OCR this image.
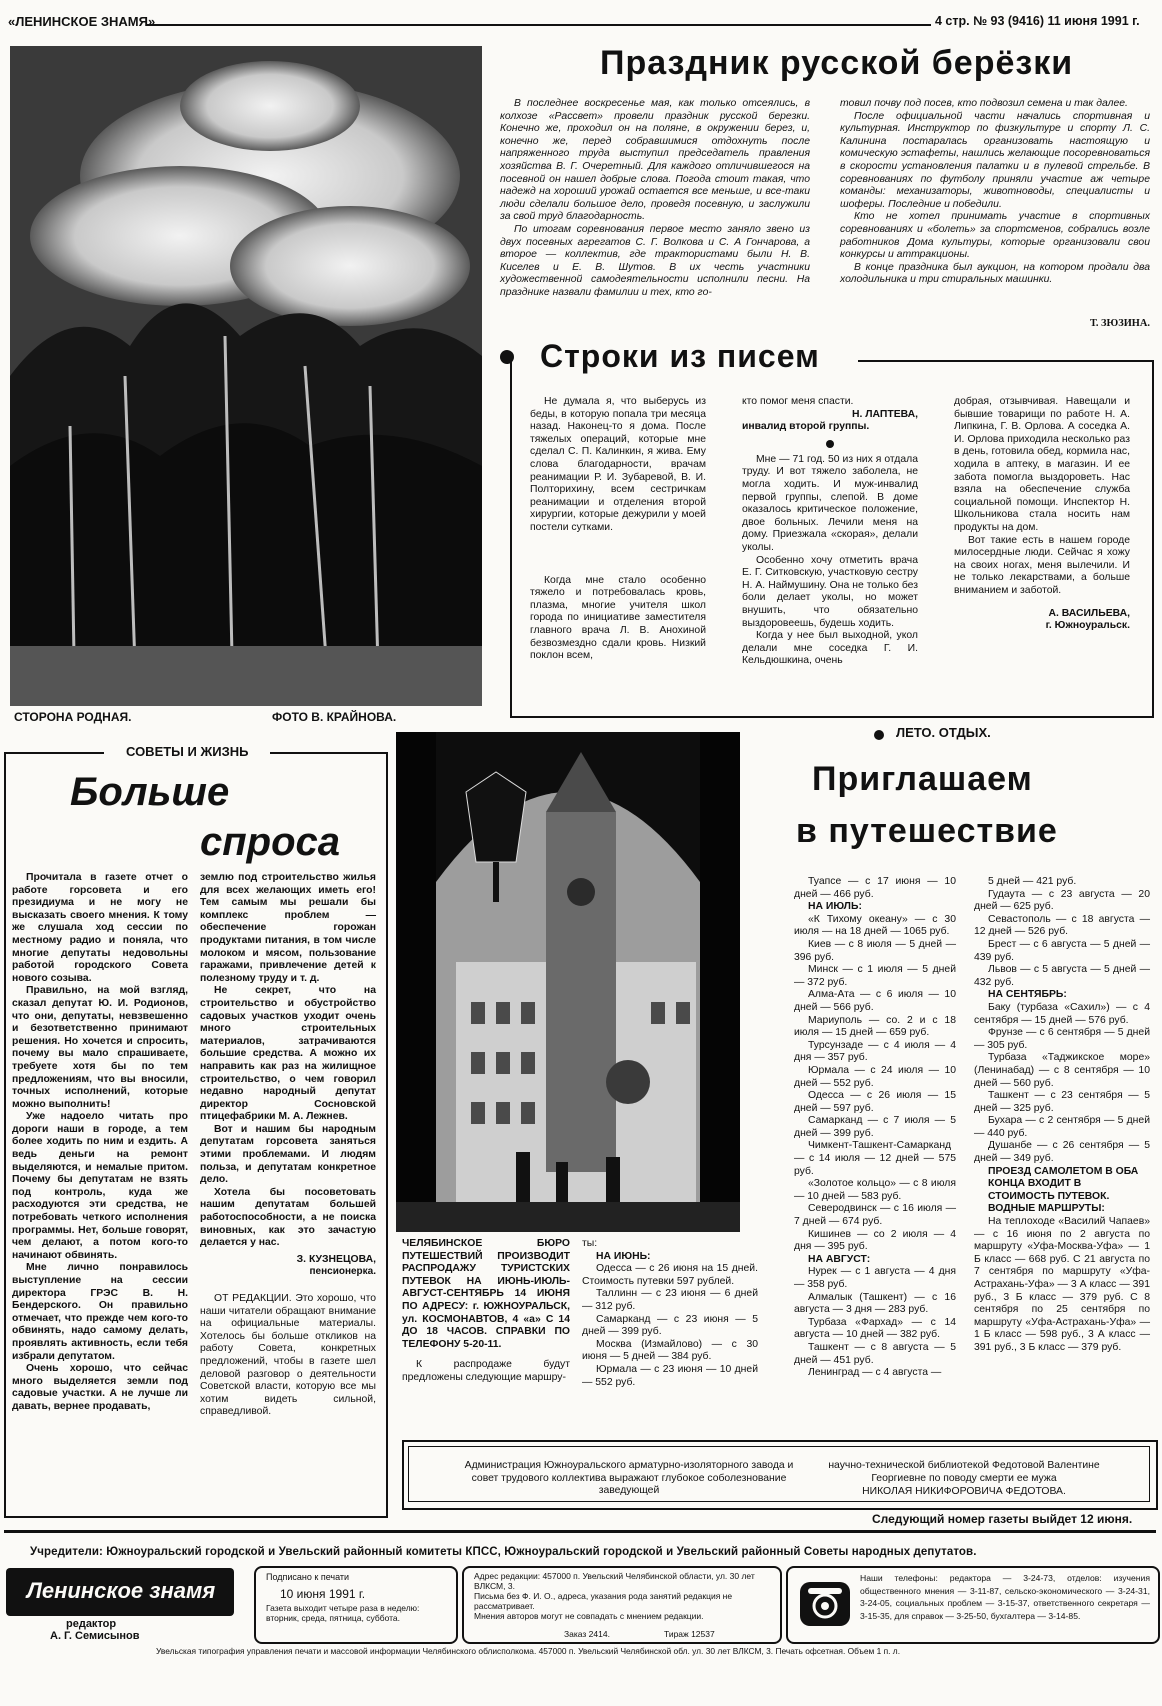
«ЛЕНИНСКОЕ ЗНАМЯ»	4 стр. № 93 (9416) 11 июня 1991 г.
СТОРОНА РОДНАЯ.	ФОТО В. КРАЙНОВА.
Праздник русской берёзки

В последнее воскресенье мая, как только отсеялись, в колхозе «Рассвет» провели праздник русской березки. Конечно же, проходил он на поляне, в окружении берез, и, конечно же, перед собравшимися отдохнуть после напряженного труда выступил председатель правления хозяйства В. Г. Очеретный. Для каждого отличившегося на посевной он нашел добрые слова. Погода стоит такая, что надежд на хороший урожай остается все меньше, и все-таки люди сделали большое дело, проведя посевную, и заслужили за свой труд благодарность.

По итогам соревнования первое место заняло звено из двух посевных агрегатов С. Г. Волкова и С. А Гончарова, а второе — коллектив, где трактористами были Н. В. Киселев и Е. В. Шутов. В их честь участники художественной самодеятельности исполнили песни. На празднике назвали фамилии и тех, кто го-

товил почву под посев, кто подвозил семена и так далее.

После официальной части начались спортивная и культурная. Инструктор по физкультуре и спорту Л. С. Калинина постаралась организовать настоящую и комическую эстафеты, нашлись желающие посоревноваться в скорости установления палатки и в пулевой стрельбе. В соревнованиях по футболу приняли участие аж четыре команды: механизаторы, животноводы, специалисты и шоферы. Последние и победили.

Кто не хотел принимать участие в спортивных соревнованиях и «болеть» за спортсменов, собрались возле работников Дома культуры, которые организовали свои конкурсы и аттракционы.

В конце праздника был аукцион, на котором продали два холодильника и три стиральных машинки.

Т. ЗЮЗИНА.
Строки из писем

Не думала я, что выберусь из беды, в которую попала три месяца назад. Наконец-то я дома. После тяжелых операций, которые мне сделал С. П. Калинкин, я жива. Ему слова благодарности, врачам реанимации Р. И. Зубаревой, В. И. Полторихину, всем сестричкам реанимации и отделения второй хирургии, которые дежурили у моей постели сутками.

Когда мне стало особенно тяжело и потребовалась кровь, плазма, многие учителя школ города по инициативе заместителя главного врача Л. В. Анохиной безвозмездно сдали кровь. Низкий поклон всем,

кто помог меня спасти.

Н. ЛАПТЕВА,
инвалид второй группы.

Мне — 71 год. 50 из них я отдала труду. И вот тяжело заболела, не могла ходить. И муж-инвалид первой группы, слепой. В доме оказалось критическое положение, двое больных. Лечили меня на дому. Приезжала «скорая», делали уколы.

Особенно хочу отметить врача Е. Г. Ситковскую, участковую сестру Н. А. Наймушину. Она не только без боли делает уколы, но может внушить, что обязательно выздоровеешь, будешь ходить.

Когда у нее был выходной, укол делали мне соседка Г. И. Кельдюшкина, очень

добрая, отзывчивая. Навещали и бывшие товарищи по работе Н. А. Липкина, Г. В. Орлова. А соседка А. И. Орлова приходила несколько раз в день, готовила обед, кормила нас, ходила в аптеку, в магазин. И ее забота помогла выздороветь. Нас взяла на обеспечение служба социальной помощи. Инспектор Н. Школьникова стала носить нам продукты на дом.

Вот такие есть в нашем городе милосердные люди. Сейчас я хожу на своих ногах, меня вылечили. И не только лекарствами, а больше вниманием и заботой.

А. ВАСИЛЬЕВА,
г. Южноуральск.
СОВЕТЫ И ЖИЗНЬ
Больше
спроса

Прочитала в газете отчет о работе горсовета и его президиума и не могу не высказать своего мнения. К тому же слушала ход сессии по местному радио и поняла, что многие депутаты недовольны работой городского Совета нового созыва.

Правильно, на мой взгляд, сказал депутат Ю. И. Родионов, что они, депутаты, невзвешенно и безответственно принимают решения. Но хочется и спросить, почему вы мало спрашиваете, требуете хотя бы по тем предложениям, что вы вносили, точных исполнений, которые можно выполнить!

Уже надоело читать про дороги наши в городе, а тем более ходить по ним и ездить. А ведь деньги на ремонт выделяются, и немалые притом. Почему бы депутатам не взять под контроль, куда же расходуются эти средства, не потребовать четкого исполнения программы. Нет, больше говорят, чем делают, а потом кого-то начинают обвинять.

Мне лично понравилось выступление на сессии директора ГРЭС В. Н. Бендерского. Он правильно отмечает, что прежде чем кого-то обвинять, надо самому делать, проявлять активность, если тебя избрали депутатом.

Очень хорошо, что сейчас много выделяется земли под садовые участки. А не лучше ли давать, вернее продавать,

землю под строительство жилья для всех желающих иметь его! Тем самым мы решали бы комплекс проблем — обеспечение горожан продуктами питания, в том числе молоком и мясом, пользование гаражами, привлечение детей к полезному труду и т. д.

Не секрет, что на строительство и обустройство садовых участков уходит очень много строительных материалов, затрачиваются большие средства. А можно их направить как раз на жилищное строительство, о чем говорил недавно народный депутат директор Сосновской птицефабрики М. А. Лежнев.

Вот и нашим бы народным депутатам горсовета заняться этими проблемами. И людям польза, и депутатам конкретное дело.

Хотела бы посоветовать нашим депутатам большей работоспособности, а не поиска виновных, как это зачастую делается у нас.

З. КУЗНЕЦОВА,
пенсионерка.

ОТ РЕДАКЦИИ. Это хорошо, что наши читатели обращают внимание на официальные материалы. Хотелось бы больше откликов на работу Совета, конкретных предложений, чтобы в газете шел деловой разговор о деятельности Советской власти, которую все мы хотим видеть сильной, справедливой.

ЛЕТО. ОТДЫХ.
Приглашаем
в путешествие

ЧЕЛЯБИНСКОЕ БЮРО ПУТЕШЕСТВИЙ ПРОИЗВОДИТ РАСПРОДАЖУ ТУРИСТСКИХ ПУТЕВОК НА ИЮНЬ-ИЮЛЬ-АВГУСТ-СЕНТЯБРЬ 14 ИЮНЯ ПО АДРЕСУ: г. ЮЖНОУРАЛЬСК, ул. КОСМОНАВТОВ, 4 «а» С 14 ДО 18 ЧАСОВ. СПРАВКИ ПО ТЕЛЕФОНУ 5-20-11.

К распродаже будут предложены следующие маршру-

ты:

НА ИЮНЬ:

Одесса — с 26 июня на 15 дней. Стоимость путевки 597 рублей.

Таллинн — с 23 июня — 6 дней — 312 руб.

Самарканд — с 23 июня — 5 дней — 399 руб.

Москва (Измайлово) — с 30 июня — 5 дней — 384 руб.

Юрмала — с 23 июня — 10 дней — 552 руб.

Туапсе — с 17 июня — 10 дней — 466 руб.

НА ИЮЛЬ:

«К Тихому океану» — с 30 июля — на 18 дней — 1065 руб.

Киев — с 8 июля — 5 дней — 396 руб.

Минск — с 1 июля — 5 дней — 372 руб.

Алма-Ата — с 6 июля — 10 дней — 566 руб.

Мариуполь — со. 2 и с 18 июля — 15 дней — 659 руб.

Турсунзаде — с 4 июля — 4 дня — 357 руб.

Юрмала — с 24 июля — 10 дней — 552 руб.

Одесса — с 26 июля — 15 дней — 597 руб.

Самарканд — с 7 июля — 5 дней — 399 руб.

Чимкент-Ташкент-Самарканд — с 14 июля — 12 дней — 575 руб.

«Золотое кольцо» — с 8 июля — 10 дней — 583 руб.

Северодвинск — с 16 июля — 7 дней — 674 руб.

Кишинев — со 2 июля — 4 дня — 395 руб.

НА АВГУСТ:

Нурек — с 1 августа — 4 дня — 358 руб.

Алмалык (Ташкент) — с 16 августа — 3 дня — 283 руб.

Турбаза «Фархад» — с 14 августа — 10 дней — 382 руб.

Ташкент — с 8 августа — 5 дней — 451 руб.

Ленинград — с 4 августа —

5 дней — 421 руб.

Гудаута — с 23 августа — 20 дней — 625 руб.

Севастополь — с 18 августа — 12 дней — 526 руб.

Брест — с 6 августа — 5 дней — 439 руб.

Львов — с 5 августа — 5 дней — 432 руб.

НА СЕНТЯБРЬ:

Баку (турбаза «Сахил») — с 4 сентября — 15 дней — 576 руб.

Фрунзе — с 6 сентября — 5 дней — 305 руб.

Турбаза «Таджикское море» (Ленинабад) — с 8 сентября — 10 дней — 560 руб.

Ташкент — с 23 сентября — 5 дней — 325 руб.

Бухара — с 2 сентября — 5 дней — 440 руб.

Душанбе — с 26 сентября — 5 дней — 349 руб.

ПРОЕЗД САМОЛЕТОМ В ОБА КОНЦА ВХОДИТ В СТОИМОСТЬ ПУТЕВОК.
ВОДНЫЕ МАРШРУТЫ:

На теплоходе «Василий Чапаев» — с 16 июня по 2 августа по маршруту «Уфа-Москва-Уфа» — 1 Б класс — 668 руб. С 21 августа по 7 сентября по маршруту «Уфа-Астрахань-Уфа» — 3 А класс — 391 руб., 3 Б класс — 379 руб. С 8 сентября по 25 сентября по маршруту «Уфа-Астрахань-Уфа» — 1 Б класс — 598 руб., 3 А класс — 391 руб., 3 Б класс — 379 руб.

Администрация Южноуральского арматурно-изоляторного завода и совет трудового коллектива выражают глубокое соболезнование заведующей
научно-технической библиотекой Федотовой Валентине Георгиевне по поводу смерти ее мужа
НИКОЛАЯ НИКИФОРОВИЧА ФЕДОТОВА.
Следующий номер газеты выйдет 12 июня.
Учредители: Южноуральский городской и Увельский районный комитеты КПСС, Южноуральский городской и Увельский районный Советы народных депутатов.
Ленинское знамя
редактор
А. Г. Семисынов
Подписано к печати
10 июня 1991 г.
Газета выходит четыре раза в неделю: вторник, среда, пятница, суббота.
Адрес редакции: 457000 п. Увельский Челябинской области, ул. 30 лет ВЛКСМ, 3.
Письма без Ф. И. О., адреса, указания рода занятий редакция не рассматривает.
Мнения авторов могут не совпадать с мнением редакции.
Заказ 2414.	Тираж 12537
Наши телефоны: редактора — 3-24-73, отделов: изучения общественного мнения — 3-11-87, сельско-экономического — 3-24-31, 3-24-05, социальных проблем — 3-15-37, ответственного секретаря — 3-15-35, для справок — 3-25-50, бухгалтера — 3-14-85.
Увельская типография управления печати и массовой информации Челябинского облисполкома. 457000 п. Увельский Челябинской обл. ул. 30 лет ВЛКСМ, 3. Печать офсетная. Объем 1 п. л.
